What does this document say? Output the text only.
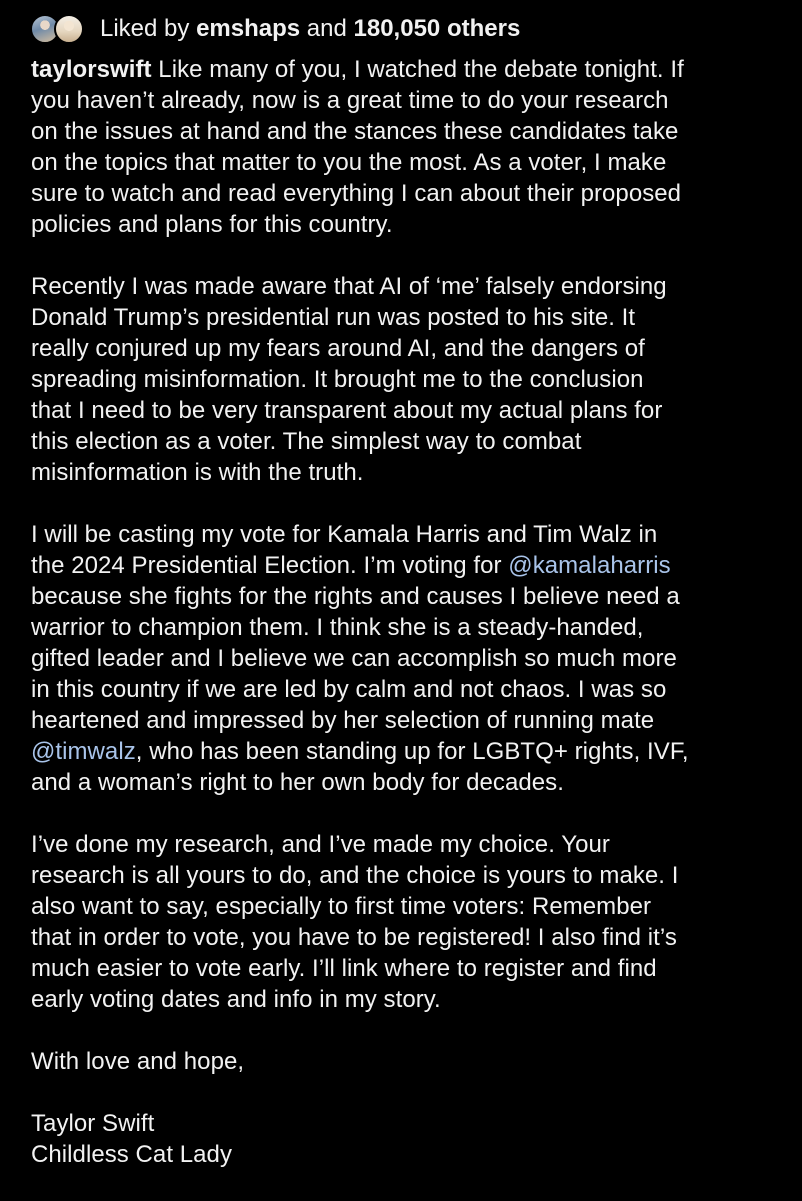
Liked by emshaps and 180,050 others

taylorswift Like many of you, I watched the debate tonight. If
you haven’t already, now is a great time to do your research
on the issues at hand and the stances these candidates take
on the topics that matter to you the most. As a voter, I make
sure to watch and read everything I can about their proposed
policies and plans for this country.

Recently I was made aware that AI of ‘me’ falsely endorsing
Donald Trump’s presidential run was posted to his site. It
really conjured up my fears around AI, and the dangers of
spreading misinformation. It brought me to the conclusion
that I need to be very transparent about my actual plans for
this election as a voter. The simplest way to combat
misinformation is with the truth.

I will be casting my vote for Kamala Harris and Tim Walz in
the 2024 Presidential Election. I’m voting for @kamalaharris
because she fights for the rights and causes I believe need a
warrior to champion them. I think she is a steady-handed,
gifted leader and I believe we can accomplish so much more
in this country if we are led by calm and not chaos. I was so
heartened and impressed by her selection of running mate
@timwalz, who has been standing up for LGBTQ+ rights, IVF,
and a woman’s right to her own body for decades.

I’ve done my research, and I’ve made my choice. Your
research is all yours to do, and the choice is yours to make. I
also want to say, especially to first time voters: Remember
that in order to vote, you have to be registered! I also find it’s
much easier to vote early. I’ll link where to register and find
early voting dates and info in my story.

With love and hope,

Taylor Swift
Childless Cat Lady
